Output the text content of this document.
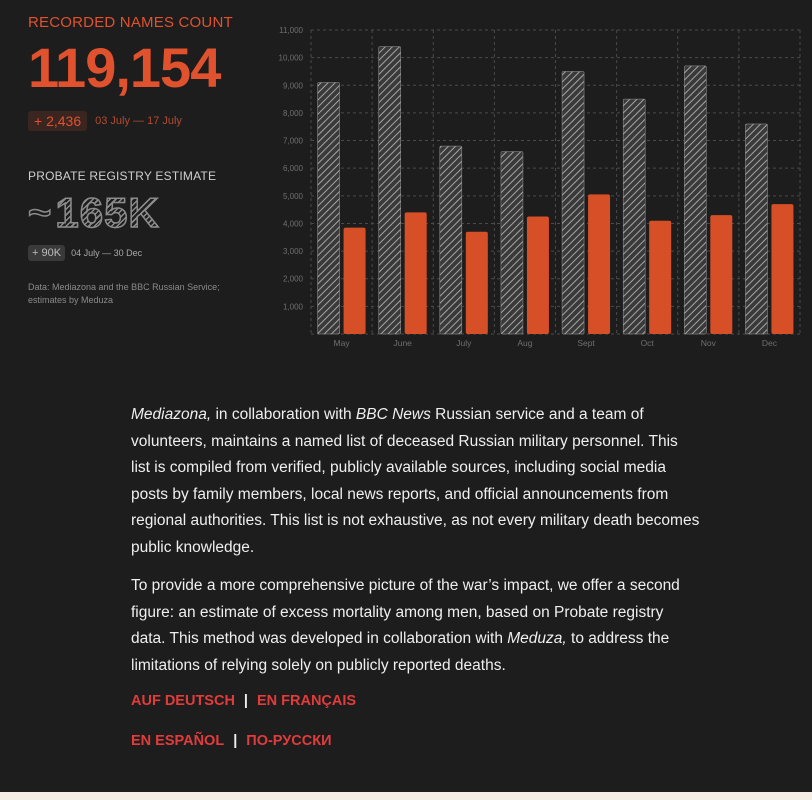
RECORDED NAMES COUNT
119,154
+ 2,436	03 July — 17 July
PROBATE REGISTRY ESTIMATE
~ 165K
+ 90K	04 July — 30 Dec
Data: Mediazona and the BBC Russian Service; estimates by Meduza
1,000
2,000
3,000
4,000
5,000
6,000
7,000
8,000
9,000
10,000
11,000
May	June	July	Aug	Sept	Oct	Nov	Dec

Mediazona, in collaboration with BBC News Russian service and a team of volunteers, maintains a named list of deceased Russian military personnel. This list is compiled from verified, publicly available sources, including social media posts by family members, local news reports, and official announcements from regional authorities. This list is not exhaustive, as not every military death becomes public knowledge.

To provide a more comprehensive picture of the war’s impact, we offer a second figure: an estimate of excess mortality among men, based on Probate registry data. This method was developed in collaboration with Meduza, to address the limitations of relying solely on publicly reported deaths.

AUF DEUTSCH | EN FRANÇAIS
EN ESPAÑOL | ПО-РУССКИ
